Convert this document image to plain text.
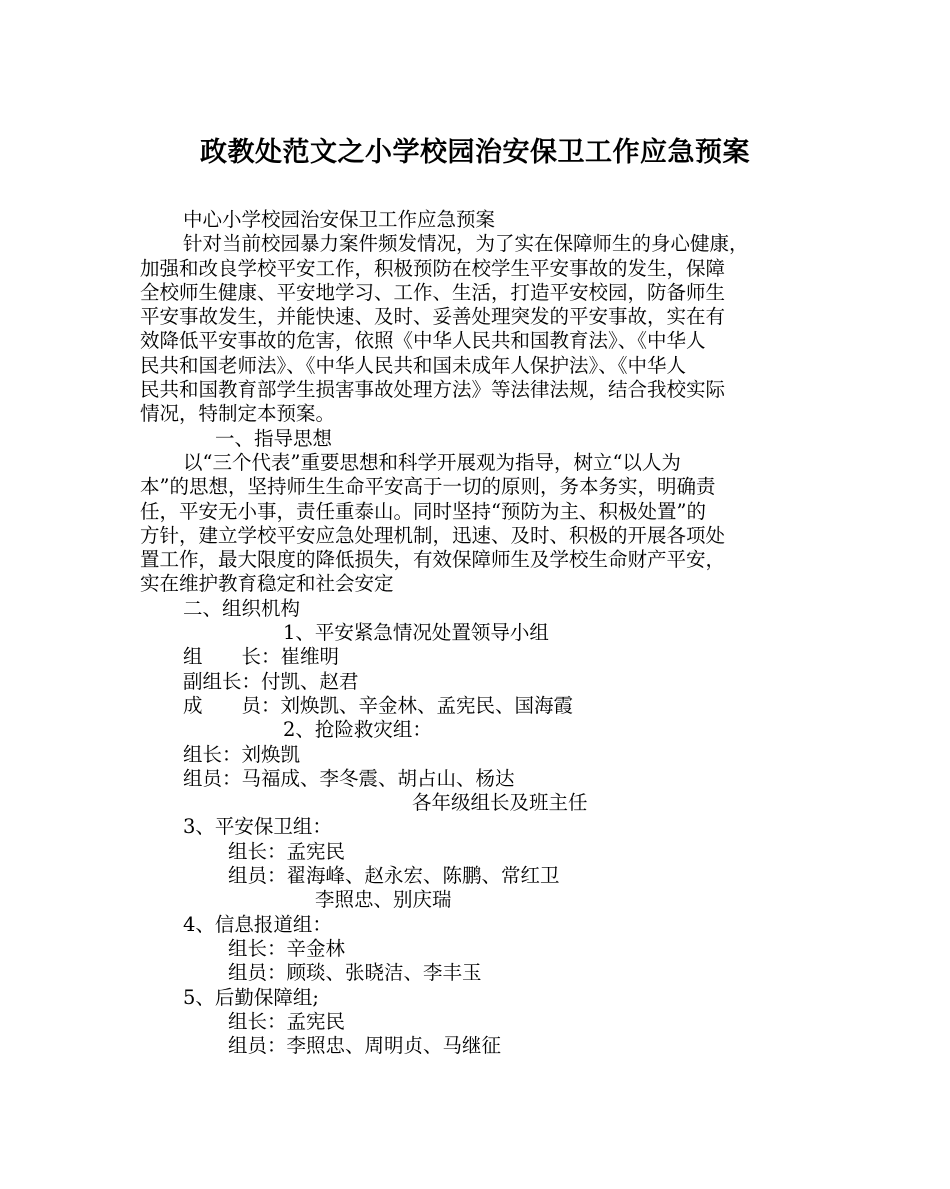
政教处范文之小学校园治安保卫工作应急预案
中心小学校园治安保卫工作应急预案
针对当前校园暴力案件频发情况，为了实在保障师生的身心健康，
加强和改良学校平安工作，积极预防在校学生平安事故的发生，保障
全校师生健康、平安地学习、工作、生活，打造平安校园，防备师生
平安事故发生，并能快速、及时、妥善处理突发的平安事故，实在有
效降低平安事故的危害，依照《中华人民共和国教育法》、《中华人
民共和国老师法》、《中华人民共和国未成年人保护法》、《中华人
民共和国教育部学生损害事故处理方法》等法律法规，结合我校实际
情况，特制定本预案。
一、指导思想
以“三个代表”重要思想和科学开展观为指导，树立“以人为
本”的思想，坚持师生生命平安高于一切的原则，务本务实，明确责
任，平安无小事，责任重泰山。同时坚持“预防为主、积极处置”的
方针，建立学校平安应急处理机制，迅速、及时、积极的开展各项处
置工作，最大限度的降低损失，有效保障师生及学校生命财产平安，
实在维护教育稳定和社会安定
二、组织机构
1、平安紧急情况处置领导小组
组　　长：崔维明
副组长：付凯、赵君
成　　员：刘焕凯、辛金林、孟宪民、国海霞
2、抢险救灾组：
组长：刘焕凯
组员：马福成、李冬震、胡占山、杨达
各年级组长及班主任
3、平安保卫组：
组长：孟宪民
组员：翟海峰、赵永宏、陈鹏、常红卫
李照忠、别庆瑞
4、信息报道组：
组长：辛金林
组员：顾琰、张晓洁、李丰玉
5、后勤保障组;
组长：孟宪民
组员：李照忠、周明贞、马继征
